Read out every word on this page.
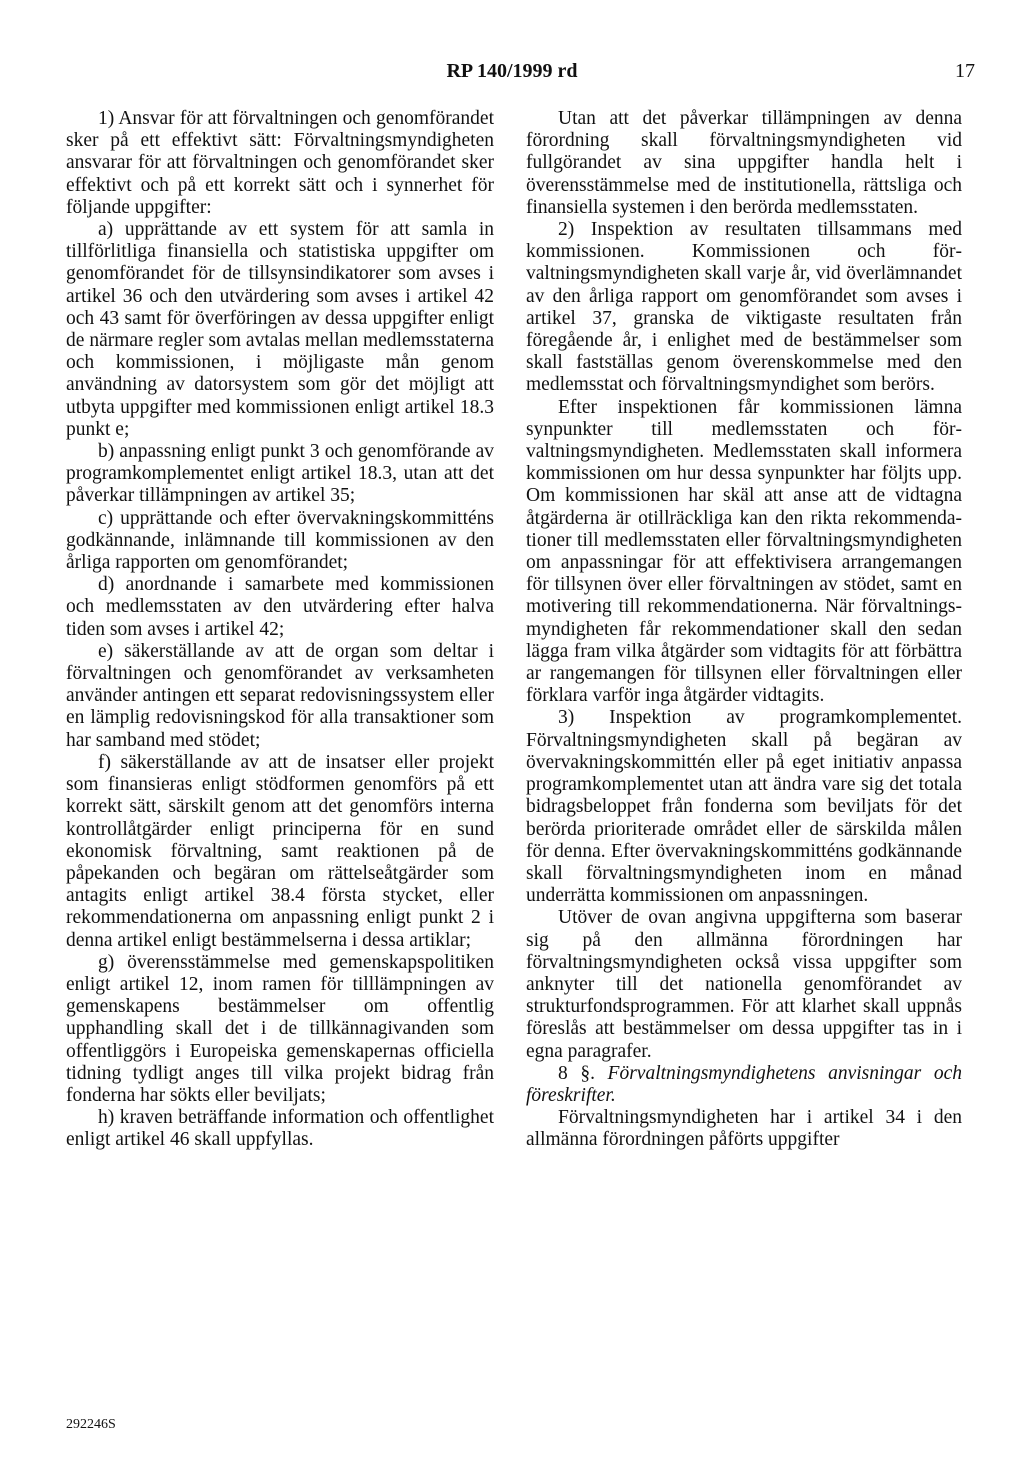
RP 140/1999 rd	17

1) Ansvar för att förvaltningen och genomförandet sker på ett effektivt sätt: Förvaltningsmyndigheten ansvarar för att förvaltningen och genomförandet sker effektivt och på ett korrekt sätt och i synnerhet för följande uppgifter:

a) upprättande av ett system för att samla in tillförlitliga finansiella och statistiska uppgifter om genomförandet för de tillsynsindikatorer som avses i artikel 36 och den utvärdering som avses i artikel 42 och 43 samt för överföringen av dessa uppgifter enligt de närmare regler som avtalas mellan medlemsstaterna och kommissionen, i möjligaste mån genom användning av datorsystem som gör det möjligt att utbyta uppgifter med kommissionen enligt artikel 18.3 punkt e;

b) anpassning enligt punkt 3 och genomförande av programkomplementet enligt artikel 18.3, utan att det påverkar tillämpningen av artikel 35;

c) upprättande och efter övervakningskommitténs godkännande, inlämnande till kommissionen av den årliga rapporten om genomförandet;

d) anordnande i samarbete med kommissionen och medlemsstaten av den utvärdering efter halva tiden som avses i artikel 42;

e) säkerställande av att de organ som deltar i förvaltningen och genomförandet av verksamheten använder antingen ett separat redovisningssystem eller en lämplig redovisningskod för alla transaktioner som har samband med stödet;

f) säkerställande av att de insatser eller projekt som finansieras enligt stödformen genomförs på ett korrekt sätt, särskilt genom att det genomförs interna kontrollåtgärder enligt principerna för en sund ekonomisk förvaltning, samt reaktionen på de påpekanden och begäran om rättelseåtgärder som antagits enligt artikel 38.4 första stycket, eller rekommendationerna om anpassning enligt punkt 2 i denna artikel enligt bestämmelserna i dessa artiklar;

g) överensstämmelse med gemenskapspolitiken enligt artikel 12, inom ramen för tilllämpningen av gemenskapens bestämmelser om offentlig upphandling skall det i de tillkännagivanden som offentliggörs i Europeiska gemenskapernas officiella tidning tydligt anges till vilka projekt bidrag från fonderna har sökts eller beviljats;

h) kraven beträffande information och offentlighet enligt artikel 46 skall uppfyllas.

Utan att det påverkar tillämpningen av denna förordning skall förvaltningsmyndigheten vid fullgörandet av sina uppgifter handla helt i överensstämmelse med de institutionella, rättsliga och finansiella systemen i den berörda medlemsstaten.

2) Inspektion av resultaten tillsammans med kommissionen. Kommissionen och förvaltningsmyndigheten skall varje år, vid överlämnandet av den årliga rapport om genomförandet som avses i artikel 37, granska de viktigaste resultaten från föregående år, i enlighet med de bestämmelser som skall fastställas genom överenskommelse med den medlemsstat och förvaltningsmyndighet som berörs.

Efter inspektionen får kommissionen lämna synpunkter till medlemsstaten och förvaltningsmyndigheten. Medlemsstaten skall informera kommissionen om hur dessa synpunkter har följts upp. Om kommissionen har skäl att anse att de vidtagna åtgärderna är otillräckliga kan den rikta rekommendationer till medlemsstaten eller förvaltningsmyndigheten om anpassningar för att effektivisera arrangemangen för tillsynen över eller förvaltningen av stödet, samt en motivering till rekommendationerna. När förvaltningsmyndigheten får rekommendationer skall den sedan lägga fram vilka åtgärder som vidtagits för att förbättra ar rangemangen för tillsynen eller förvaltningen eller förklara varför inga åtgärder vidtagits.

3) Inspektion av programkomplementet. Förvaltningsmyndigheten skall på begäran av övervakningskommittén eller på eget initiativ anpassa programkomplementet utan att ändra vare sig det totala bidragsbeloppet från fonderna som beviljats för det berörda prioriterade området eller de särskilda målen för denna. Efter övervakningskommitténs godkännande skall förvaltningsmyndigheten inom en månad underrätta kommissionen om anpassningen.

Utöver de ovan angivna uppgifterna som baserar sig på den allmänna förordningen har förvaltningsmyndigheten också vissa uppgifter som anknyter till det nationella genomförandet av strukturfondsprogrammen. För att klarhet skall uppnås föreslås att bestämmelser om dessa uppgifter tas in i egna paragrafer.

8 §. Förvaltningsmyndighetens anvisningar och föreskrifter.

Förvaltningsmyndigheten har i artikel 34 i den allmänna förordningen påförts uppgifter

292246S
